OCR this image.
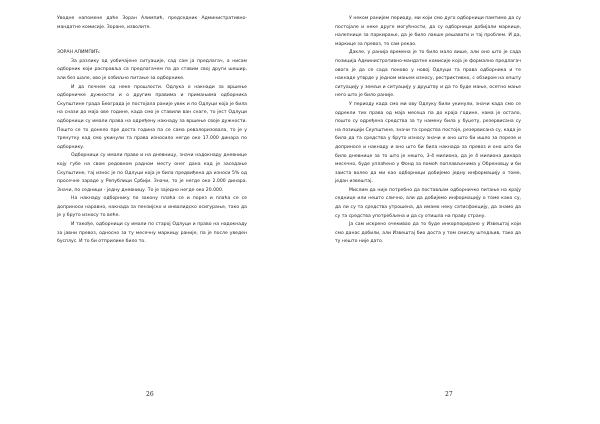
Уводне напомене даће Зоран Алимпић, председник Административно-мандатне комисије. Зоране, изволите.

ЗОРАН АЛИМПИЋ:

За разлику од уобичајене ситуације, сад сам ја предлагач, а нисам одборник који расправља са предлагачем па да ставим свој други шешир, али без шале, ово је озбиљно питање за одборнике.

И да почнем од неке прошлости. Одлука о накнади за вршење одборничке дужности и о другим правима и примањима одборника Скупштине града Београда је постојала раније увек и по Одлуци која је била на снази до мајa ове године, када смо је ставили ван снаге, то јест Одлуци одборници су имали права на одређену накнаду за вршење своје дужности. Пошто се то донело пре доста година па се сама ревалоризовала, то је у тренутку кад смо укинули та права износило негде око 17.000 динара по одборнику.

Одборници су имали право и на дневницу, значи надокнаду дневнице коју губе на свом редовном радном месту онег дана кад је заседање Скупштине, тај износ је по Одлуци која је била предвиђена да износи 5% од просечне зараде у Републици Србији. Значи, то је негде око 2.000 динара. Значи, по седници - једну дневницу. То је заједно негде око 20.000.

На накнаду одборнику по закону плаћа се и порез и плаћа се се доприноси наравно, накнада за пензијско и инвалидско осигурање, тако да је у бруто износу то веће.

И такође, одборници су имали по старој Одлуци и право на надокнаду за јавни превоз, односно за ту месечну маркицу раније, па је после уведен бусплус. И то би отприлике било то.

26

У неком ранијем периоду, ми који смо дуго одборници памтимо да су постојале и неке друге могућности, да су одборници добијали маркице, налепнице за паркирање, да је било лакше решавати и тај проблем. И да, маркице за превоз, то сам рекао.

Дакле, у ранија времена је то било мало више, али оно што је сада позиција Административно-мандатне комисије која је формално предлагач овога је да се сада поново у новој Одлуци та права одборника и те накнаде утврде у једном мањем износу, рестриктивно, с обзиром на општу ситуацију у земљи и ситуацију у друштву и да то буде мање, осетно мање него што је било раније.

У периоду када смо ми ову Одлуку били укинули, значи када смо се одрекли тих права од маја месеца па до краја године, нама је остало, пошто су одређена средства за ту намену била у буџету, резервисана су на позицији Скупштине, значи та средства постоје, резервисана су, када је била да та средства у бруто износу значи и оно што би ишло за порезе и доприносе и накнаду и оно што би била накнада за превоз и оно што би било дневнице за то што је нешто, 3-4 милиона, да је 4 милиона динара месечно, буде уплаћено у Фонд за помоћ поплављенима у Обреновцу и би заиста волео да ми као одборници добијемо једну информацију о томе, један извештај.

Мислим да није потребно да постављам одборничко питање на крају седнице или нешто слично, али да добијемо информацију о томе како су, да ли су та средства утрошена, да имамо неку сатисфакцију, да знамо да су та средства употребљена и да су отишла на праву страну.

Ја сам искрено очекивао да то буде инкорпорирано у Извештај који смо данас добили, али Извештај био доста у том смислу штедљив, тако да ту нешто није дато.

27
